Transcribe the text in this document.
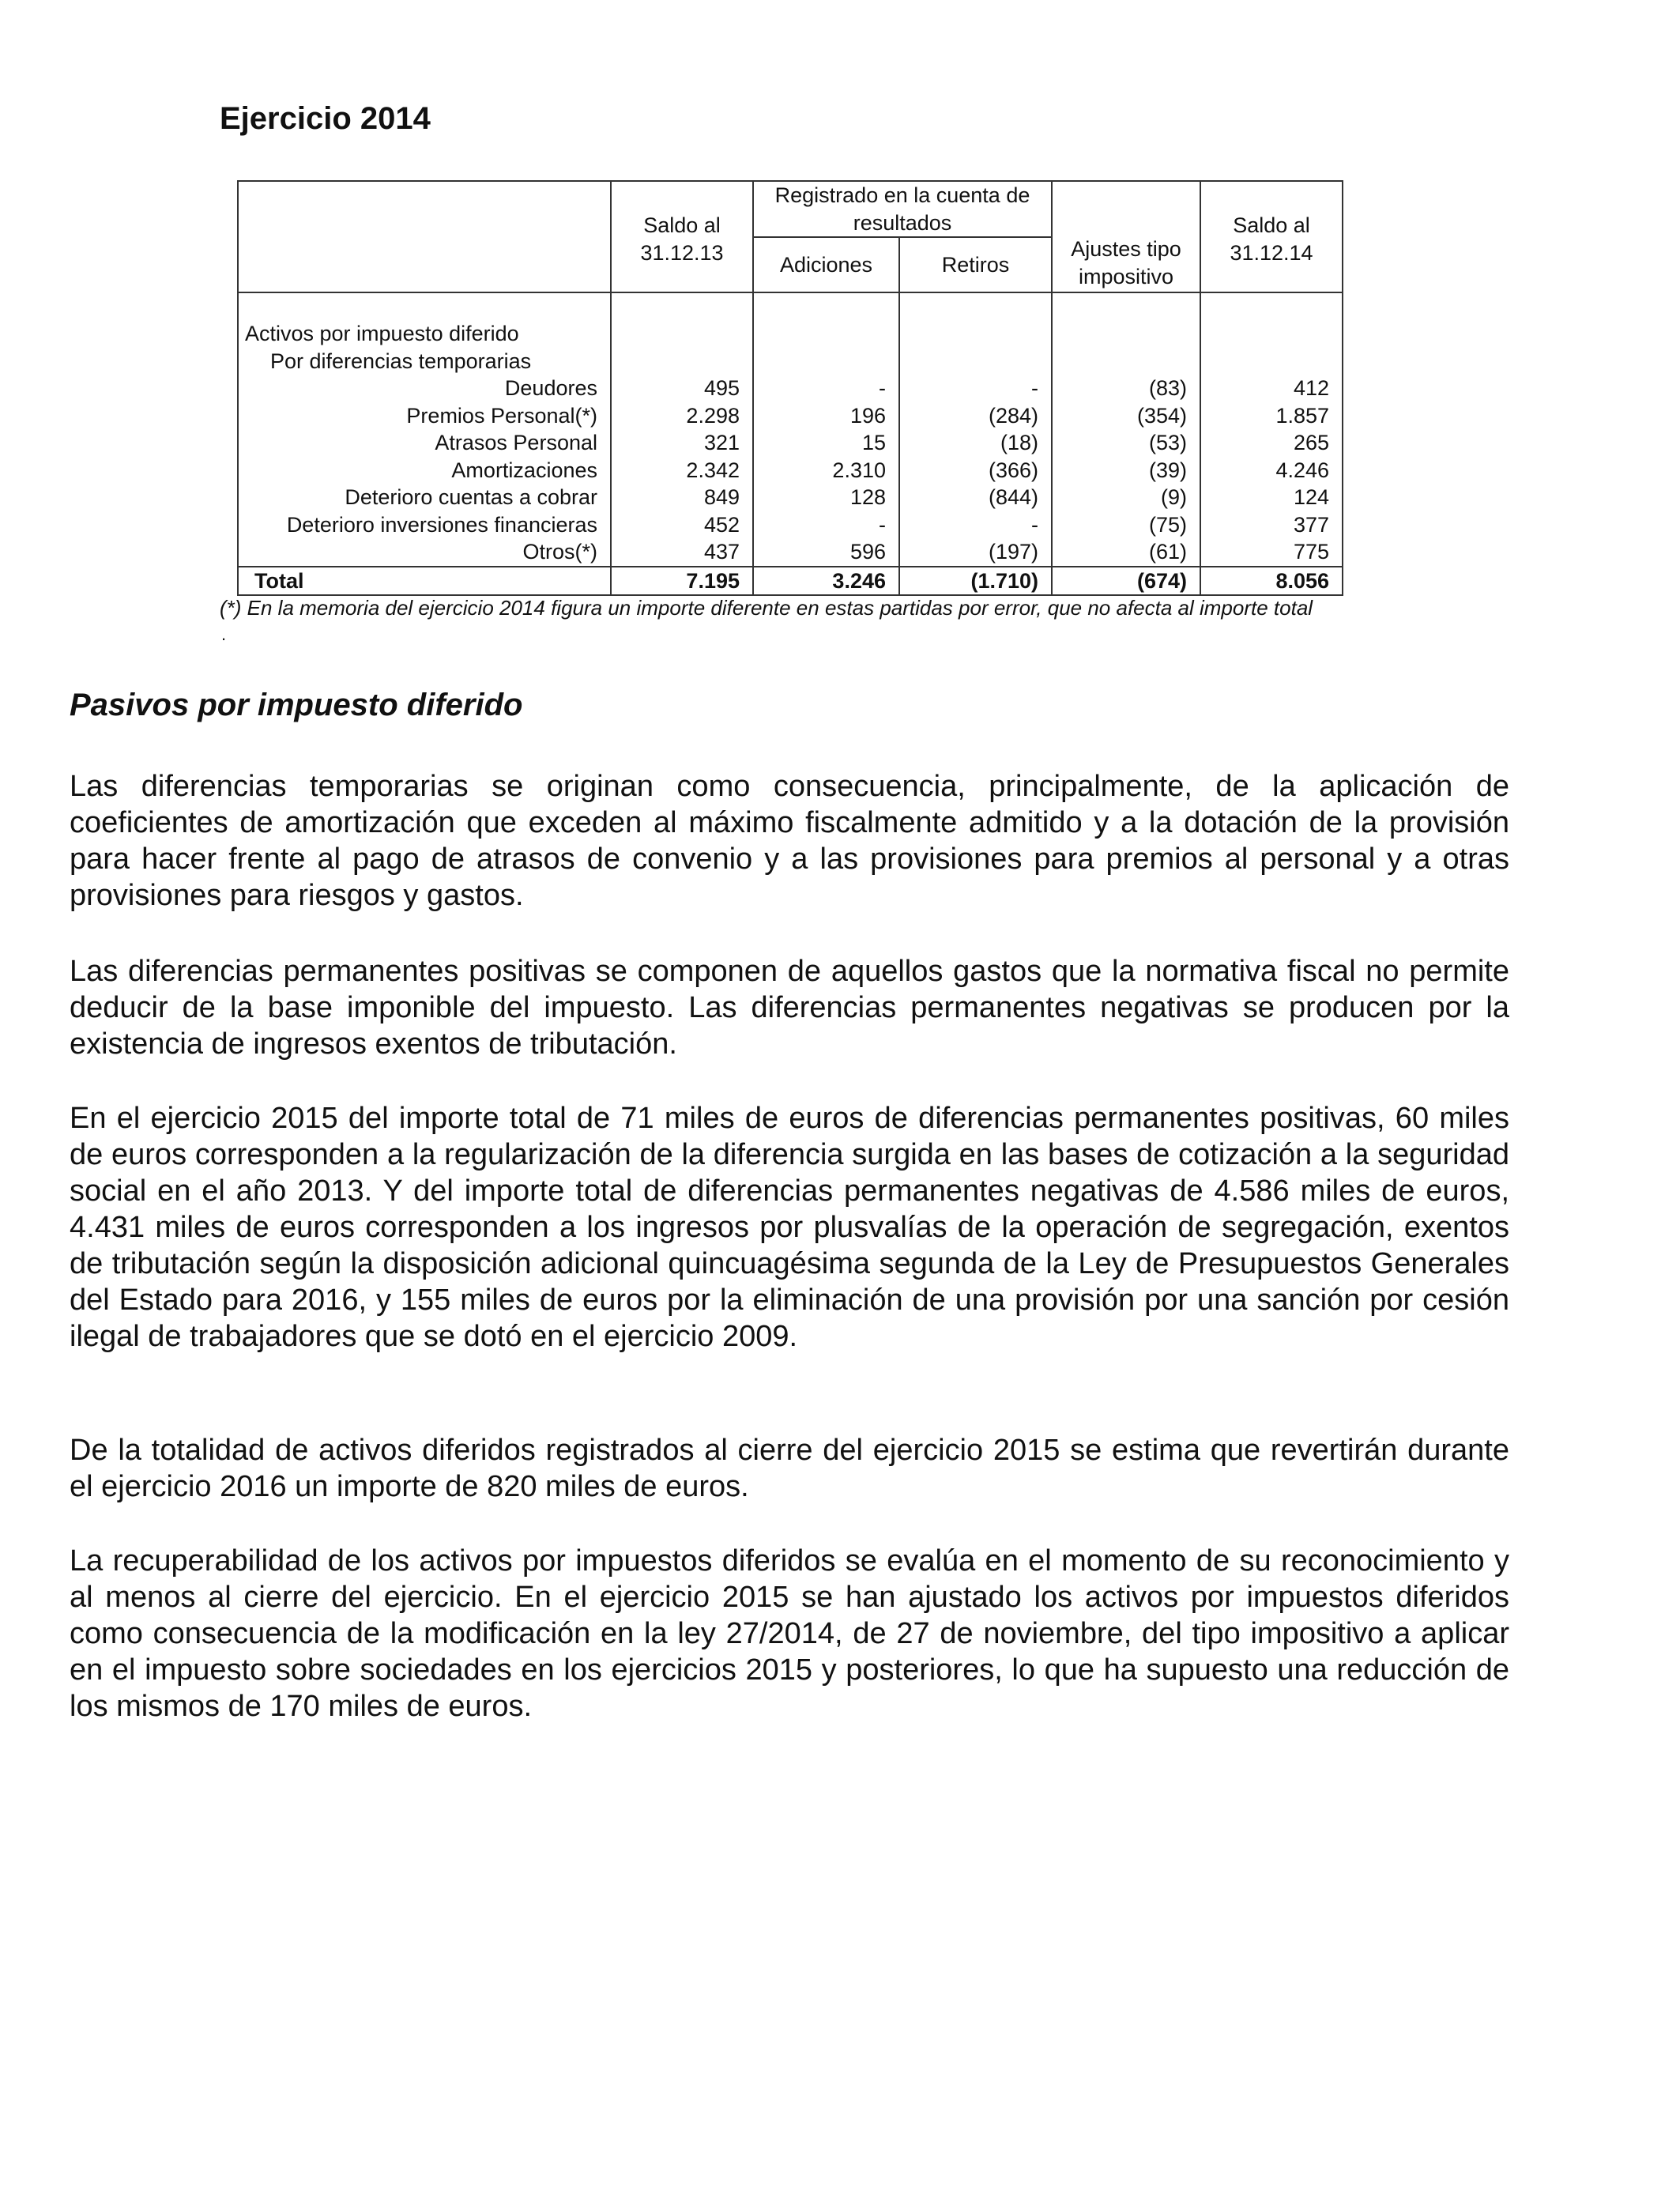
Ejercicio 2014
	Saldo al 31.12.13	Registrado en la cuenta de resultados		Ajustes tipo impositivo	Saldo al 31.12.14
		Adiciones	Retiros		

Activos por impuesto diferido					
Por diferencias temporarias					
Deudores	495	-	-	(83)	412
Premios Personal(*)	2.298	196	(284)	(354)	1.857
Atrasos Personal	321	15	(18)	(53)	265
Amortizaciones	2.342	2.310	(366)	(39)	4.246
Deterioro cuentas a cobrar	849	128	(844)	(9)	124
Deterioro inversiones financieras	452	-	-	(75)	377
Otros(*)	437	596	(197)	(61)	775
Total	7.195	3.246	(1.710)	(674)	8.056

(*) En la memoria del ejercicio 2014 figura un importe diferente en estas partidas por error, que no afecta al importe total

.

Pasivos por impuesto diferido

Las diferencias temporarias se originan como consecuencia, principalmente, de la aplicación de coeficientes de amortización que exceden al máximo fiscalmente admitido y a la dotación de la provisión para hacer frente al pago de atrasos de convenio y a las provisiones para premios al personal y a otras provisiones para riesgos y gastos.

Las diferencias permanentes positivas se componen de aquellos gastos que la normativa fiscal no permite deducir de la base imponible del impuesto. Las diferencias permanentes negativas se producen por la existencia de ingresos exentos de tributación.

En el ejercicio 2015 del importe total de 71 miles de euros de diferencias permanentes positivas, 60 miles de euros corresponden a la regularización de la diferencia surgida en las bases de cotización a la seguridad social en el año 2013. Y del importe total de diferencias permanentes negativas de 4.586 miles de euros, 4.431 miles de euros corresponden a los ingresos por plusvalías de la operación de segregación, exentos de tributación según la disposición adicional quincuagésima segunda de la Ley de Presupuestos Generales del Estado para 2016, y 155 miles de euros por la eliminación de una provisión por una sanción por cesión ilegal de trabajadores que se dotó en el ejercicio 2009.

De la totalidad de activos diferidos registrados al cierre del ejercicio 2015 se estima que revertirán durante el ejercicio 2016 un importe de 820 miles de euros.

La recuperabilidad de los activos por impuestos diferidos se evalúa en el momento de su reconocimiento y al menos al cierre del ejercicio. En el ejercicio 2015 se han ajustado los activos por impuestos diferidos como consecuencia de la modificación en la ley 27/2014, de 27 de noviembre, del tipo impositivo a aplicar en el impuesto sobre sociedades en los ejercicios 2015 y posteriores, lo que ha supuesto una reducción de los mismos de 170 miles de euros.
